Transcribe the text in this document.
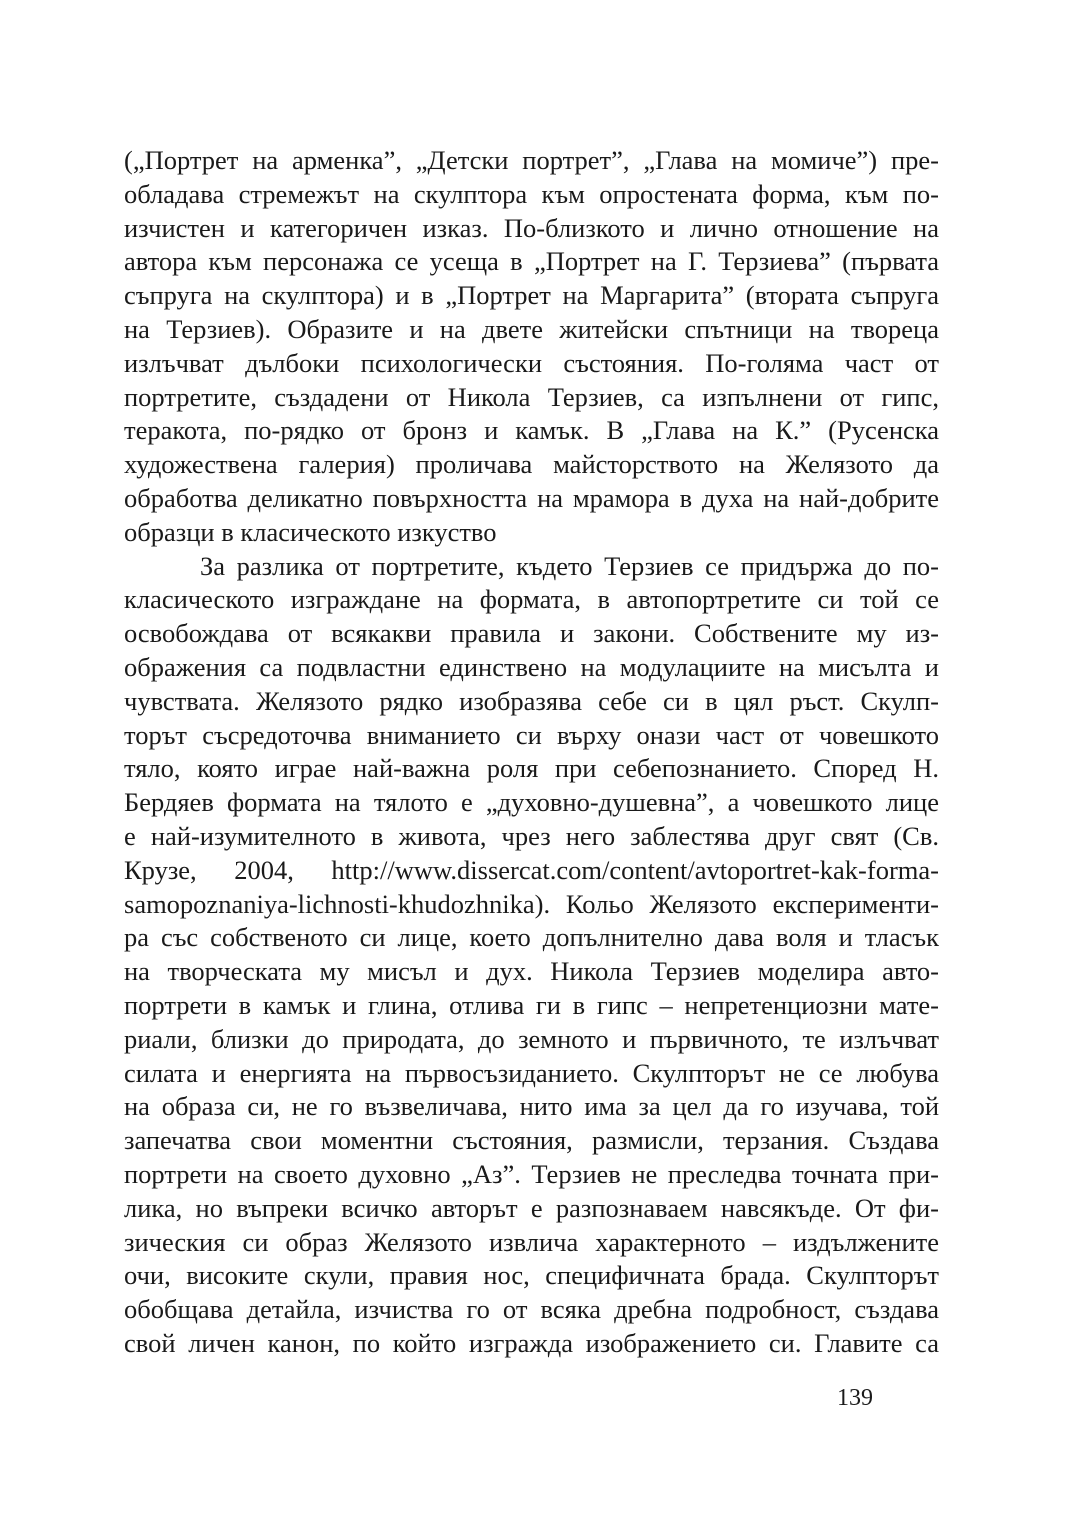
(„Портрет на арменка”, „Детски портрет”, „Глава на момиче”) пре-
обладава стремежът на скулптора към опростената форма, към по-
изчистен и категоричен изказ. По-близкото и лично отношение на
автора към персонажа се усеща в „Портрет на Г. Терзиева” (първата
съпруга на скулптора) и в „Портрет на Маргарита” (втората съпруга
на Терзиев). Образите и на двете житейски спътници на твореца
излъчват дълбоки психологически състояния. По-голяма част от
портретите, създадени от Никола Терзиев, са изпълнени от гипс,
теракота, по-рядко от бронз и камък. В „Глава на К.” (Русенска
художествена галерия) проличава майсторството на Желязото да
обработва деликатно повърхността на мрамора в духа на най-добрите
образци в класическото изкуство
За разлика от портретите, където Терзиев се придържа до по-
класическото изграждане на формата, в автопортретите си той се
освобождава от всякакви правила и закони. Собствените му из-
ображения са подвластни единствено на модулациите на мисълта и
чувствата. Желязото рядко изобразява себе си в цял ръст. Скулп-
торът съсредоточва вниманието си върху онази част от човешкото
тяло, която играе най-важна роля при себепознанието. Според Н.
Бердяев формата на тялото е „духовно-душевна”, а човешкото лице
е най-изумителното в живота, чрез него заблестява друг свят (Св.
Крузе, 2004, http://www.dissercat.com/content/avtoportret-kak-forma-
samopoznaniya-lichnosti-khudozhnika). Кольо Желязото експерименти-
ра със собственото си лице, което допълнително дава воля и тласък
на творческата му мисъл и дух. Никола Терзиев моделира авто-
портрети в камък и глина, отлива ги в гипс – непретенциозни мате-
риали, близки до природата, до земното и първичното, те излъчват
силата и енергията на първосъзиданието. Скулпторът не се любува
на образа си, не го възвеличава, нито има за цел да го изучава, той
запечатва свои моментни състояния, размисли, терзания. Създава
портрети на своето духовно „Аз”. Терзиев не преследва точната при-
лика, но въпреки всичко авторът е разпознаваем навсякъде. От фи-
зическия си образ Желязото извлича характерното – издължените
очи, високите скули, правия нос, специфичната брада. Скулпторът
обобщава детайла, изчиства го от всяка дребна подробност, създава
свой личен канон, по който изгражда изображението си. Главите са
139
